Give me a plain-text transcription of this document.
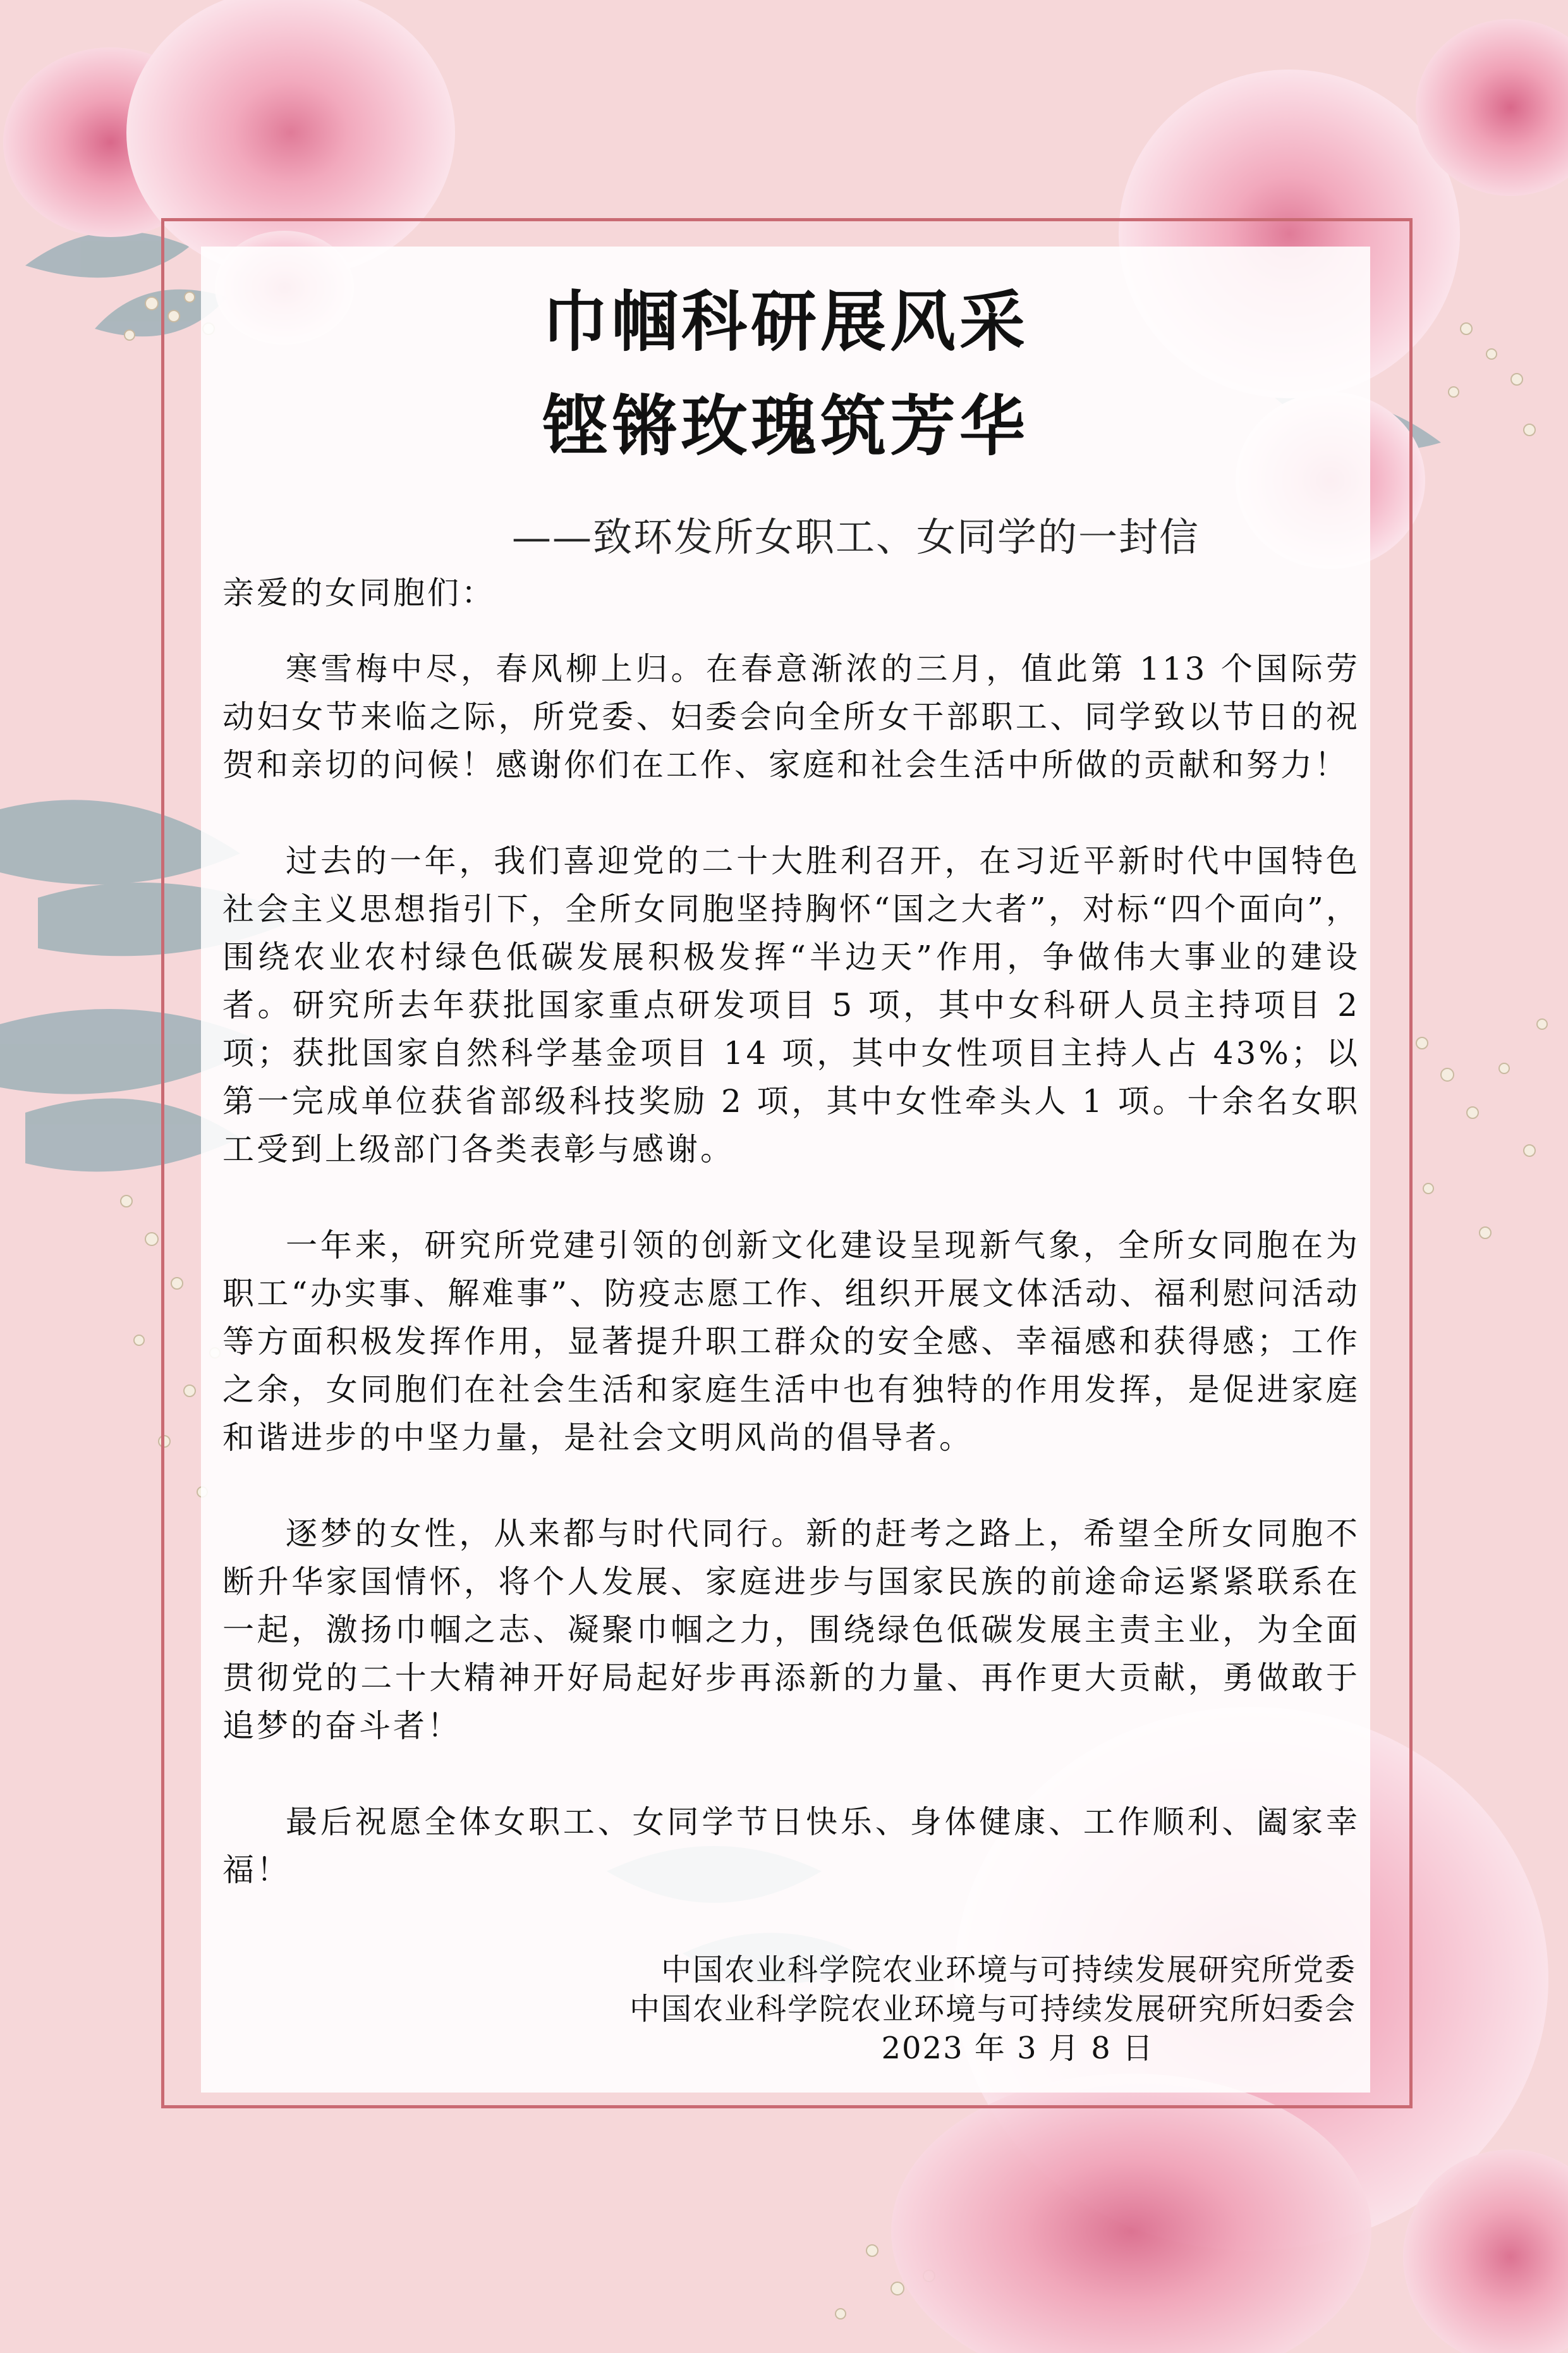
巾帼科研展风采
铿锵玫瑰筑芳华

——致环发所女职工、女同学的一封信

亲爱的女同胞们：

寒雪梅中尽，春风柳上归。在春意渐浓的三月，值此第 113 个国际劳动妇女节来临之际，所党委、妇委会向全所女干部职工、同学致以节日的祝贺和亲切的问候！感谢你们在工作、家庭和社会生活中所做的贡献和努力！

过去的一年，我们喜迎党的二十大胜利召开，在习近平新时代中国特色社会主义思想指引下，全所女同胞坚持胸怀“国之大者”，对标“四个面向”，围绕农业农村绿色低碳发展积极发挥“半边天”作用，争做伟大事业的建设者。研究所去年获批国家重点研发项目 5 项，其中女科研人员主持项目 2 项；获批国家自然科学基金项目 14 项，其中女性项目主持人占 43%；以第一完成单位获省部级科技奖励 2 项，其中女性牵头人 1 项。十余名女职工受到上级部门各类表彰与感谢。

一年来，研究所党建引领的创新文化建设呈现新气象，全所女同胞在为职工“办实事、解难事”、防疫志愿工作、组织开展文体活动、福利慰问活动等方面积极发挥作用，显著提升职工群众的安全感、幸福感和获得感；工作之余，女同胞们在社会生活和家庭生活中也有独特的作用发挥，是促进家庭和谐进步的中坚力量，是社会文明风尚的倡导者。

逐梦的女性，从来都与时代同行。新的赶考之路上，希望全所女同胞不断升华家国情怀，将个人发展、家庭进步与国家民族的前途命运紧紧联系在一起，激扬巾帼之志、凝聚巾帼之力，围绕绿色低碳发展主责主业，为全面贯彻党的二十大精神开好局起好步再添新的力量、再作更大贡献，勇做敢于追梦的奋斗者！

最后祝愿全体女职工、女同学节日快乐、身体健康、工作顺利、阖家幸福！

中国农业科学院农业环境与可持续发展研究所党委
中国农业科学院农业环境与可持续发展研究所妇委会
2023 年 3 月 8 日
